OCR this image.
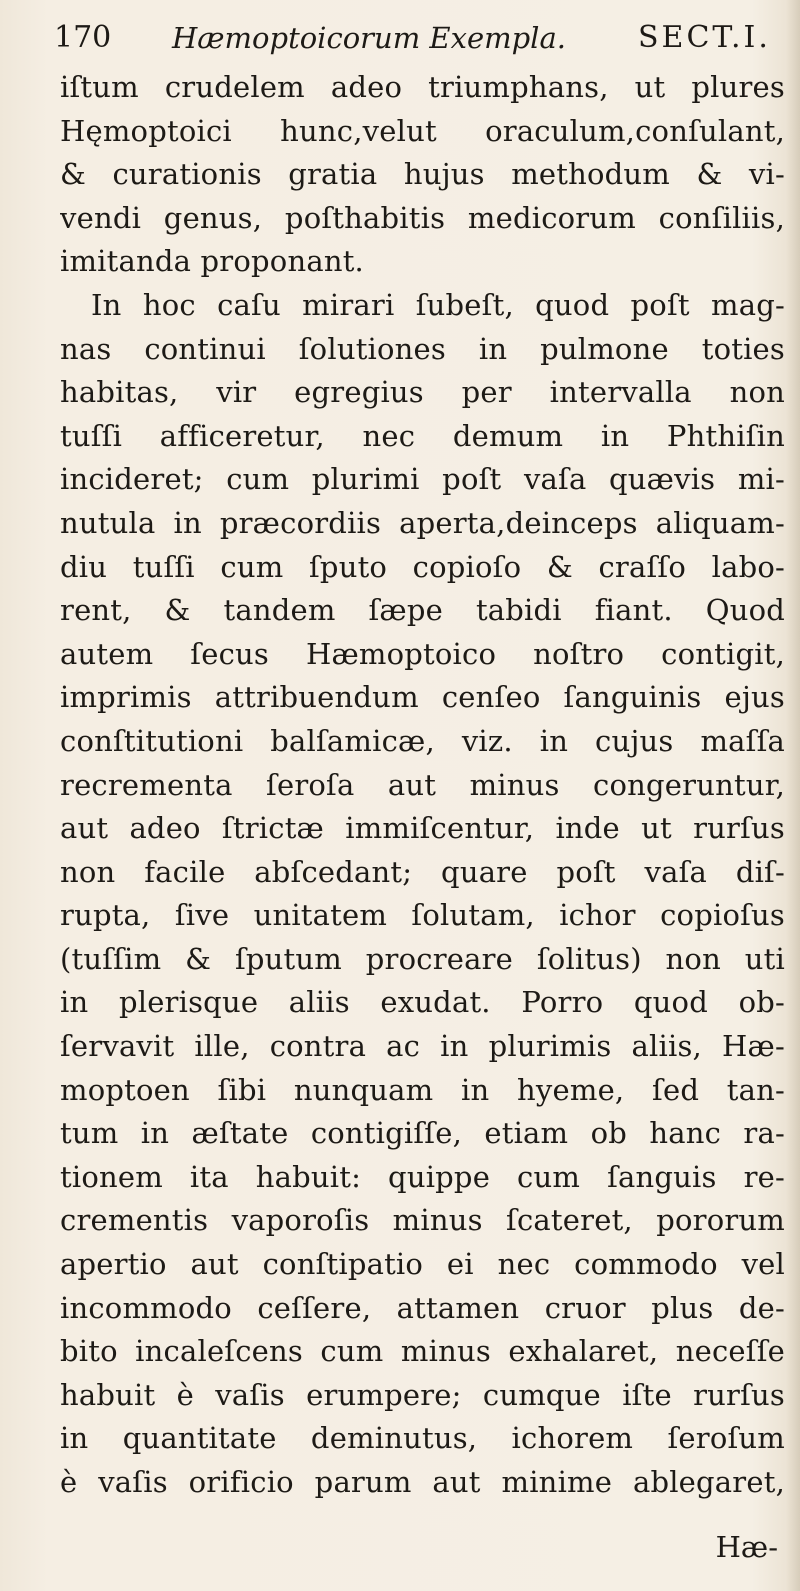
170 Hæmoptoicorum Exempla. SECT.I.
iſtum crudelem adeo triumphans, ut plures
Hęmoptoici hunc,velut oraculum,conſulant,
& curationis gratia hujus methodum & vi-
vendi genus, poſthabitis medicorum conſiliis,
imitanda proponant.
In hoc caſu mirari ſubeſt, quod poſt mag-
nas continui ſolutiones in pulmone toties
habitas, vir egregius per intervalla non
tuſſi afficeretur, nec demum in Phthiſin
incideret; cum plurimi poſt vaſa quævis mi-
nutula in præcordiis aperta,deinceps aliquam-
diu tuſſi cum ſputo copioſo & craſſo labo-
rent, & tandem ſæpe tabidi fiant. Quod
autem ſecus Hæmoptoico noſtro contigit,
imprimis attribuendum cenſeo ſanguinis ejus
conſtitutioni balſamicæ, viz. in cujus maſſa
recrementa ſeroſa aut minus congeruntur,
aut adeo ſtrictæ immiſcentur, inde ut rurſus
non facile abſcedant; quare poſt vaſa diſ-
rupta, ſive unitatem ſolutam, ichor copioſus
(tuſſim & ſputum procreare ſolitus) non uti
in plerisque aliis exudat. Porro quod ob-
ſervavit ille, contra ac in plurimis aliis, Hæ-
moptoen ſibi nunquam in hyeme, ſed tan-
tum in æſtate contigiſſe, etiam ob hanc ra-
tionem ita habuit: quippe cum ſanguis re-
crementis vaporoſis minus ſcateret, pororum
apertio aut conſtipatio ei nec commodo vel
incommodo ceſſere, attamen cruor plus de-
bito incaleſcens cum minus exhalaret, neceſſe
habuit è vaſis erumpere; cumque iſte rurſus
in quantitate deminutus, ichorem ſeroſum
è vaſis orificio parum aut minime ablegaret,
Hæ-
